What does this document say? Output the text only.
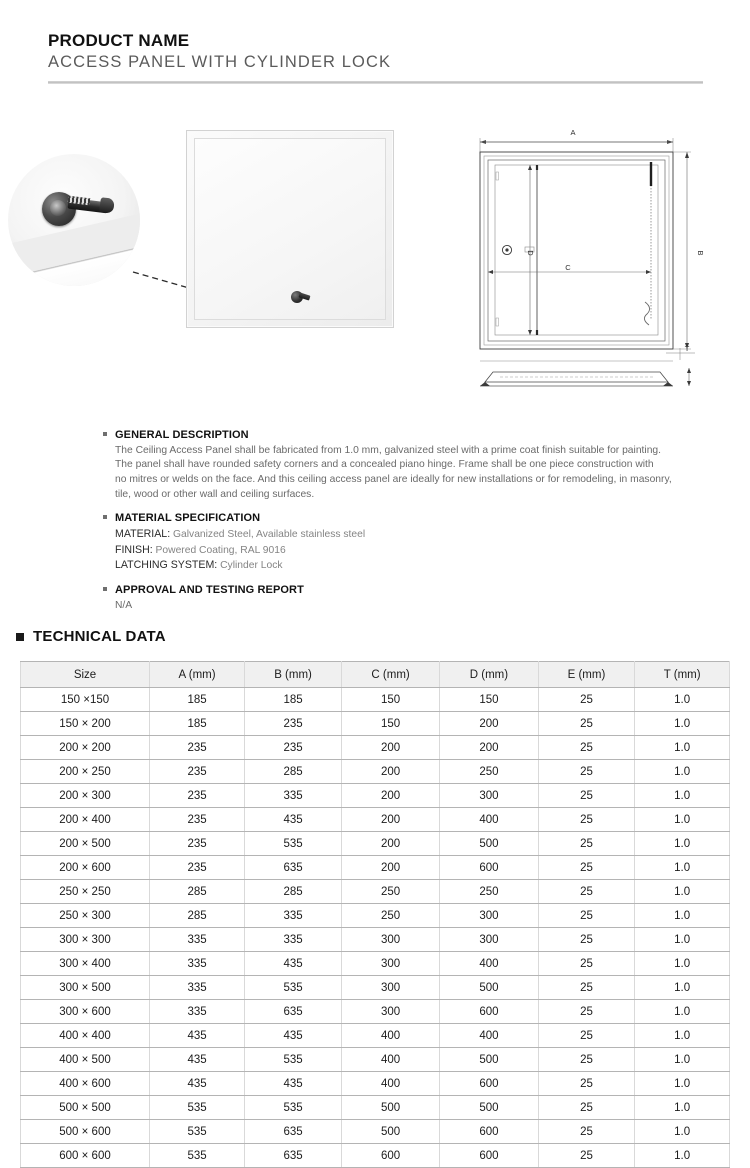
PRODUCT NAME
ACCESS PANEL WITH CYLINDER LOCK
A
C
B
D
T
GENERAL DESCRIPTION
The Ceiling Access Panel shall be fabricated from 1.0 mm, galvanized steel with a prime coat finish suitable for painting.
The panel shall have rounded safety corners and a concealed piano hinge. Frame shall be one piece construction with
no mitres or welds on the face. And this ceiling access panel are ideally for new installations or for remodeling, in masonry,
tile, wood or other wall and ceiling surfaces.
MATERIAL SPECIFICATION
MATERIAL: Galvanized Steel, Available stainless steel
FINISH: Powered Coating, RAL 9016
LATCHING SYSTEM: Cylinder Lock
APPROVAL AND TESTING REPORT
N/A
TECHNICAL DATA
Size	A (mm)	B (mm)	C (mm)	D (mm)	E (mm)	T (mm)
150 ×150	185	185	150	150	25	1.0
150 × 200	185	235	150	200	25	1.0
200 × 200	235	235	200	200	25	1.0
200 × 250	235	285	200	250	25	1.0
200 × 300	235	335	200	300	25	1.0
200 × 400	235	435	200	400	25	1.0
200 × 500	235	535	200	500	25	1.0
200 × 600	235	635	200	600	25	1.0
250 × 250	285	285	250	250	25	1.0
250 × 300	285	335	250	300	25	1.0
300 × 300	335	335	300	300	25	1.0
300 × 400	335	435	300	400	25	1.0
300 × 500	335	535	300	500	25	1.0
300 × 600	335	635	300	600	25	1.0
400 × 400	435	435	400	400	25	1.0
400 × 500	435	535	400	500	25	1.0
400 × 600	435	435	400	600	25	1.0
500 × 500	535	535	500	500	25	1.0
500 × 600	535	635	500	600	25	1.0
600 × 600	535	635	600	600	25	1.0
